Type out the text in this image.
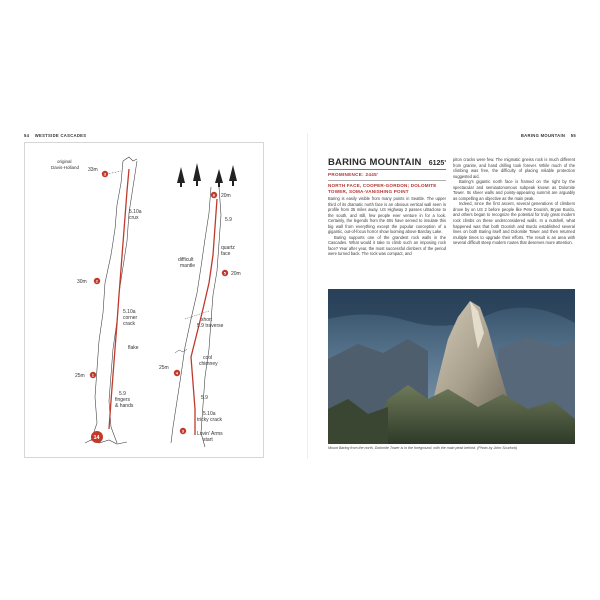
54 WESTSIDE CASCADES
3
2
1
14
original
Davis-Holland 33m
5.10a
crux
30m
5.10a
corner
crack
flake
25m
5.9
fingers
& hands
6
5
4
3
20m
5.9
quartz
face
difficult
mantle
20m
short
5.9 traverse
25m
cool
chimney
5.9
5.10a
tricky crack
Lovin' Arms
start
BARING MOUNTAIN 55
BARING MOUNTAIN 6125'
PROMINENCE: 2445'
NORTH FACE, COOPER-GORDON; DOLOMITE TOWER, SOMA-VANISHING POINT

Baring is easily visible from many points in Seattle. The upper third of its dramatic north face is an obvious vertical wall seen in profile from 35 miles away. US Highway 2 passes ultraclose to the south, and still, few people ever venture in for a look. Certainly, the legends from the 60s have served to insulate this big wall from everything except the popular conception of a gigantic, out-of-focus horror show looming above Barclay Lake.

Baring supports one of the grandest rock walls in the Cascades. What would it take to climb such an imposing rock face? Year after year, the most successful climbers of the period were turned back. The rock was compact, and

piton cracks were few. The migmatic gneiss rock is much different from granite, and hand drilling took forever. While much of the climbing was free, the difficulty of placing reliable protection suggested aid.

Baring's gigantic north face is framed on the right by the spectacular and semiautonomous subpeak known as Dolomite Tower. Its sheer walls and pointy-appearing summit are arguably as compelling an objective as the main peak.

Indeed, since the first ascent, several generations of climbers drove by on US 2 before people like Pete Doorish, Bryan Burdo, and others began to recognize the potential for truly great modern rock climbs on these underconsidered walls. In a nutshell, what happened was that both Doorish and Burdo established several lines on both Baring itself and Dolomite Tower and then returned multiple times to upgrade their efforts. The result is an area with several difficult steep modern routes that deserves more attention.

Mount Baring from the north, Dolomite Tower is in the foreground, with the main peak behind. (Photo by John Scurlock)
